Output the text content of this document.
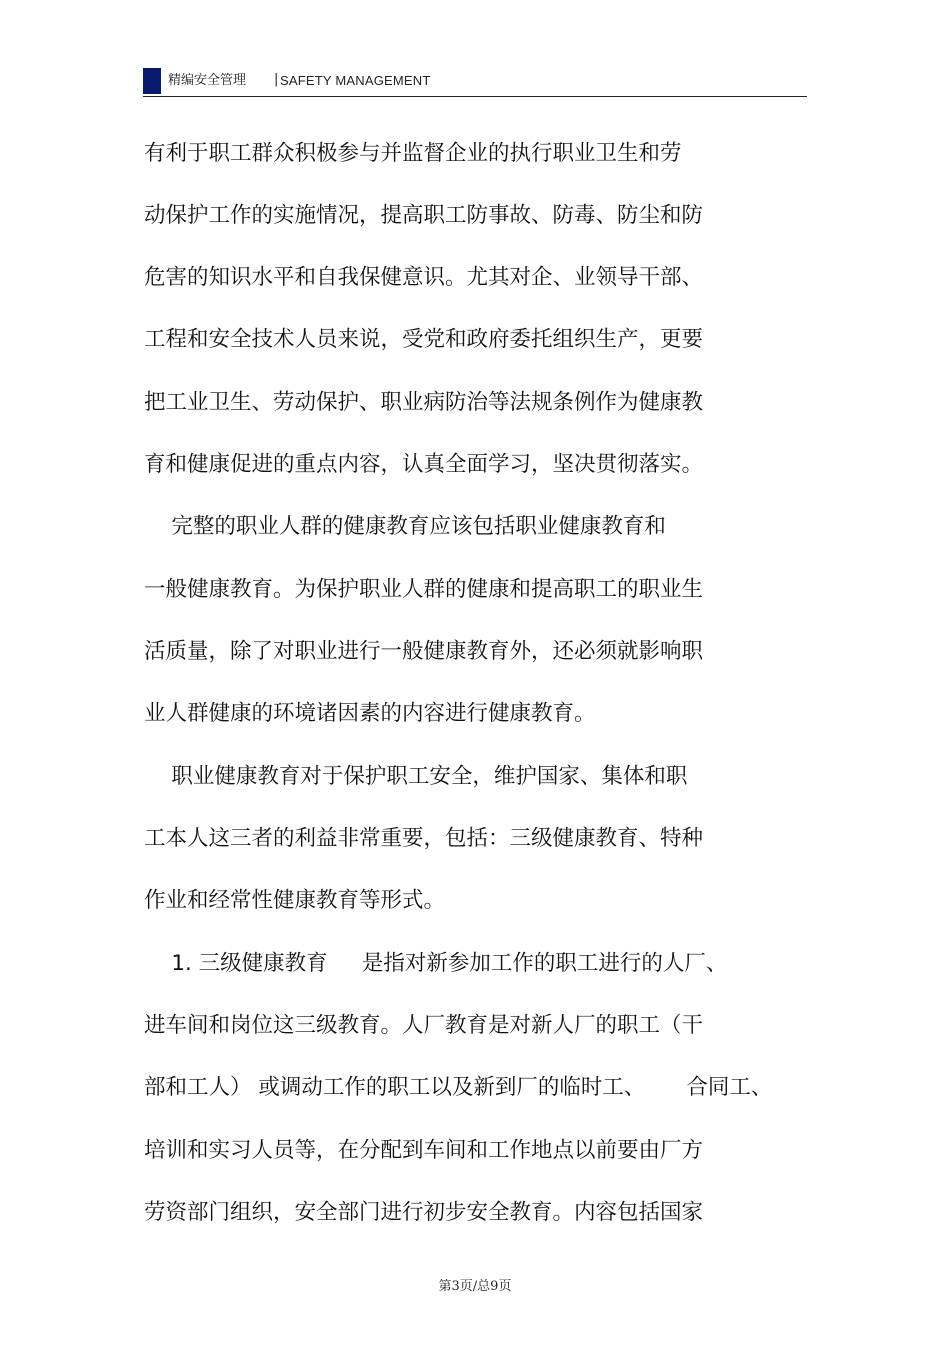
精编安全管理 | SAFETY MANAGEMENT
有利于职工群众积极参与并监督企业的执行职业卫生和劳
动保护工作的实施情况，提高职工防事故、防毒、防尘和防
危害的知识水平和自我保健意识。尤其对企、业领导干部、
工程和安全技术人员来说，受党和政府委托组织生产，更要
把工业卫生、劳动保护、职业病防治等法规条例作为健康教
育和健康促进的重点内容，认真全面学习，坚决贯彻落实。
完整的职业人群的健康教育应该包括职业健康教育和
一般健康教育。为保护职业人群的健康和提高职工的职业生
活质量，除了对职业进行一般健康教育外，还必须就影响职
业人群健康的环境诸因素的内容进行健康教育。
职业健康教育对于保护职工安全，维护国家、集体和职
工本人这三者的利益非常重要，包括：三级健康教育、特种
作业和经常性健康教育等形式。
1. 三级健康教育     是指对新参加工作的职工进行的人厂、
进车间和岗位这三级教育。人厂教育是对新人厂的职工（干
部和工人） 或调动工作的职工以及新到厂的临时工、      合同工、
培训和实习人员等，在分配到车间和工作地点以前要由厂方
劳资部门组织，安全部门进行初步安全教育。内容包括国家
第3页/总9页
